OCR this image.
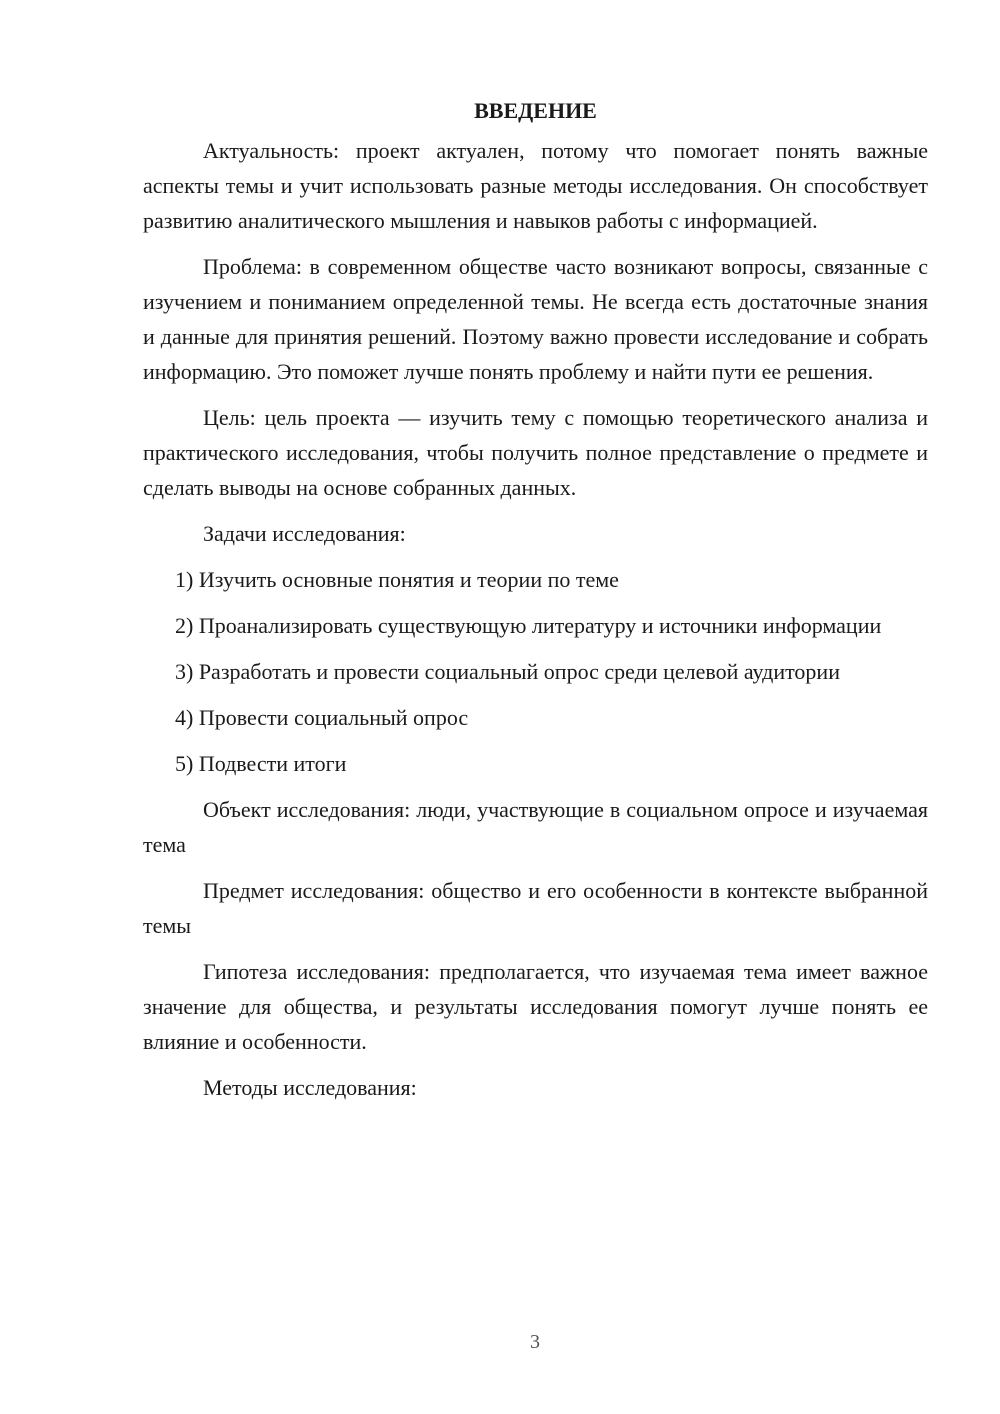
ВВЕДЕНИЕ

Актуальность: проект актуален, потому что помогает понять важные аспекты темы и учит использовать разные методы исследования. Он способствует развитию аналитического мышления и навыков работы с информацией.

Проблема: в современном обществе часто возникают вопросы, связанные с изучением и пониманием определенной темы. Не всегда есть достаточные знания и данные для принятия решений. Поэтому важно провести исследование и собрать информацию. Это поможет лучше понять проблему и найти пути ее решения.

Цель: цель проекта — изучить тему с помощью теоретического анализа и практического исследования, чтобы получить полное представление о предмете и сделать выводы на основе собранных данных.

Задачи исследования:

1) Изучить основные понятия и теории по теме

2) Проанализировать существующую литературу и источники информации

3) Разработать и провести социальный опрос среди целевой аудитории

4) Провести социальный опрос

5) Подвести итоги

Объект исследования: люди, участвующие в социальном опросе и изучаемая тема

Предмет исследования: общество и его особенности в контексте выбранной темы

Гипотеза исследования: предполагается, что изучаемая тема имеет важное значение для общества, и результаты исследования помогут лучше понять ее влияние и особенности.

Методы исследования:

3
